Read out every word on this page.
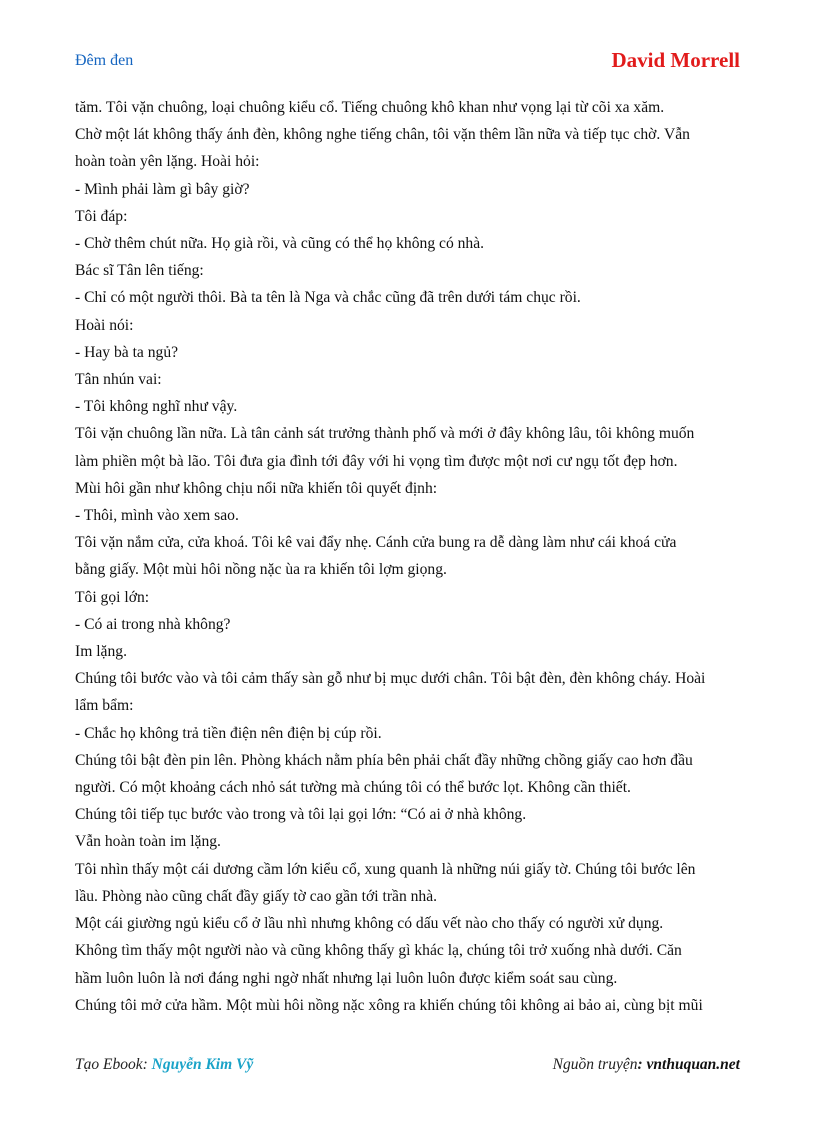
Đêm đen	David Morrell
tăm. Tôi vặn chuông, loại chuông kiểu cổ. Tiếng chuông khô khan như vọng lại từ cõi xa xăm.
Chờ một lát không thấy ánh đèn, không nghe tiếng chân, tôi vặn thêm lần nữa và tiếp tục chờ. Vẫn
hoàn toàn yên lặng. Hoài hỏi:
- Mình phải làm gì bây giờ?
Tôi đáp:
- Chờ thêm chút nữa. Họ già rồi, và cũng có thể họ không có nhà.
Bác sĩ Tân lên tiếng:
- Chỉ có một người thôi. Bà ta tên là Nga và chắc cũng đã trên dưới tám chục rồi.
Hoài nói:
- Hay bà ta ngủ?
Tân nhún vai:
- Tôi không nghĩ như vậy.
Tôi vặn chuông lần nữa. Là tân cảnh sát trưởng thành phố và mới ở đây không lâu, tôi không muốn
làm phiền một bà lão. Tôi đưa gia đình tới đây với hi vọng tìm được một nơi cư ngụ tốt đẹp hơn.
Mùi hôi gần như không chịu nổi nữa khiến tôi quyết định:
- Thôi, mình vào xem sao.
Tôi vặn nắm cửa, cửa khoá. Tôi kê vai đẩy nhẹ. Cánh cửa bung ra dễ dàng làm như cái khoá cửa
bằng giấy. Một mùi hôi nồng nặc ùa ra khiến tôi lợm giọng.
Tôi gọi lớn:
- Có ai trong nhà không?
Im lặng.
Chúng tôi bước vào và tôi cảm thấy sàn gỗ như bị mục dưới chân. Tôi bật đèn, đèn không cháy. Hoài
lẩm bẩm:
- Chắc họ không trả tiền điện nên điện bị cúp rồi.
Chúng tôi bật đèn pin lên. Phòng khách nằm phía bên phải chất đầy những chồng giấy cao hơn đầu
người. Có một khoảng cách nhỏ sát tường mà chúng tôi có thể bước lọt. Không cần thiết.
Chúng tôi tiếp tục bước vào trong và tôi lại gọi lớn: “Có ai ở nhà không.
Vẫn hoàn toàn im lặng.
Tôi nhìn thấy một cái dương cầm lớn kiểu cổ, xung quanh là những núi giấy tờ. Chúng tôi bước lên
lầu. Phòng nào cũng chất đầy giấy tờ cao gần tới trần nhà.
Một cái giường ngủ kiểu cổ ở lầu nhì nhưng không có dấu vết nào cho thấy có người xử dụng.
Không tìm thấy một người nào và cũng không thấy gì khác lạ, chúng tôi trở xuống nhà dưới. Căn
hầm luôn luôn là nơi đáng nghi ngờ nhất nhưng lại luôn luôn được kiểm soát sau cùng.
Chúng tôi mở cửa hầm. Một mùi hôi nồng nặc xông ra khiến chúng tôi không ai bảo ai, cùng bịt mũi
Tạo Ebook: Nguyễn Kim Vỹ	Nguồn truyện: vnthuquan.net
